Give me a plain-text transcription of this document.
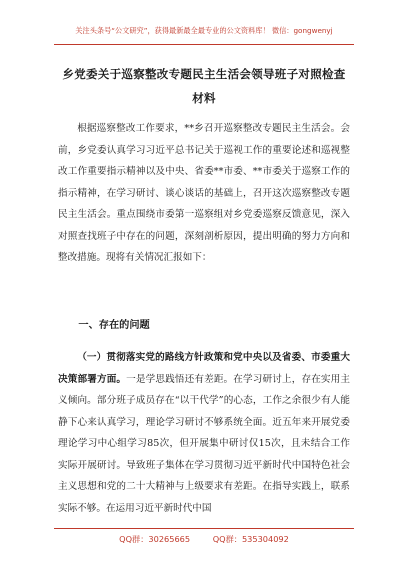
关注头条号“公文研究”，获得最新最全最专业的公文资料库！ 微信：gongwenyj
乡党委关于巡察整改专题民主生活会领导班子对照检查材料

根据巡察整改工作要求，**乡召开巡察整改专题民主生活会。会前，乡党委认真学习习近平总书记关于巡视工作的重要论述和巡视整改工作重要指示精神以及中央、省委**市委、**市委关于巡察工作的指示精神，在学习研讨、谈心谈话的基础上，召开这次巡察整改专题民主生活会。重点围绕市委第一巡察组对乡党委巡察反馈意见，深入对照查找班子中存在的问题，深刻剖析原因，提出明确的努力方向和整改措施。现将有关情况汇报如下：

一、存在的问题

（一）贯彻落实党的路线方针政策和党中央以及省委、市委重大决策部署方面。一是学思践悟还有差距。在学习研讨上，存在实用主义倾向。部分班子成员存在“以干代学”的心态，工作之余很少有人能静下心来认真学习，理论学习研讨不够系统全面。近五年来开展党委理论学习中心组学习85次，但开展集中研讨仅15次，且未结合工作实际开展研讨。导致班子集体在学习贯彻习近平新时代中国特色社会主义思想和党的二十大精神与上级要求有差距。在指导实践上，联系实际不够。在运用习近平新时代中国

QQ群：30265665	QQ群：535304092
